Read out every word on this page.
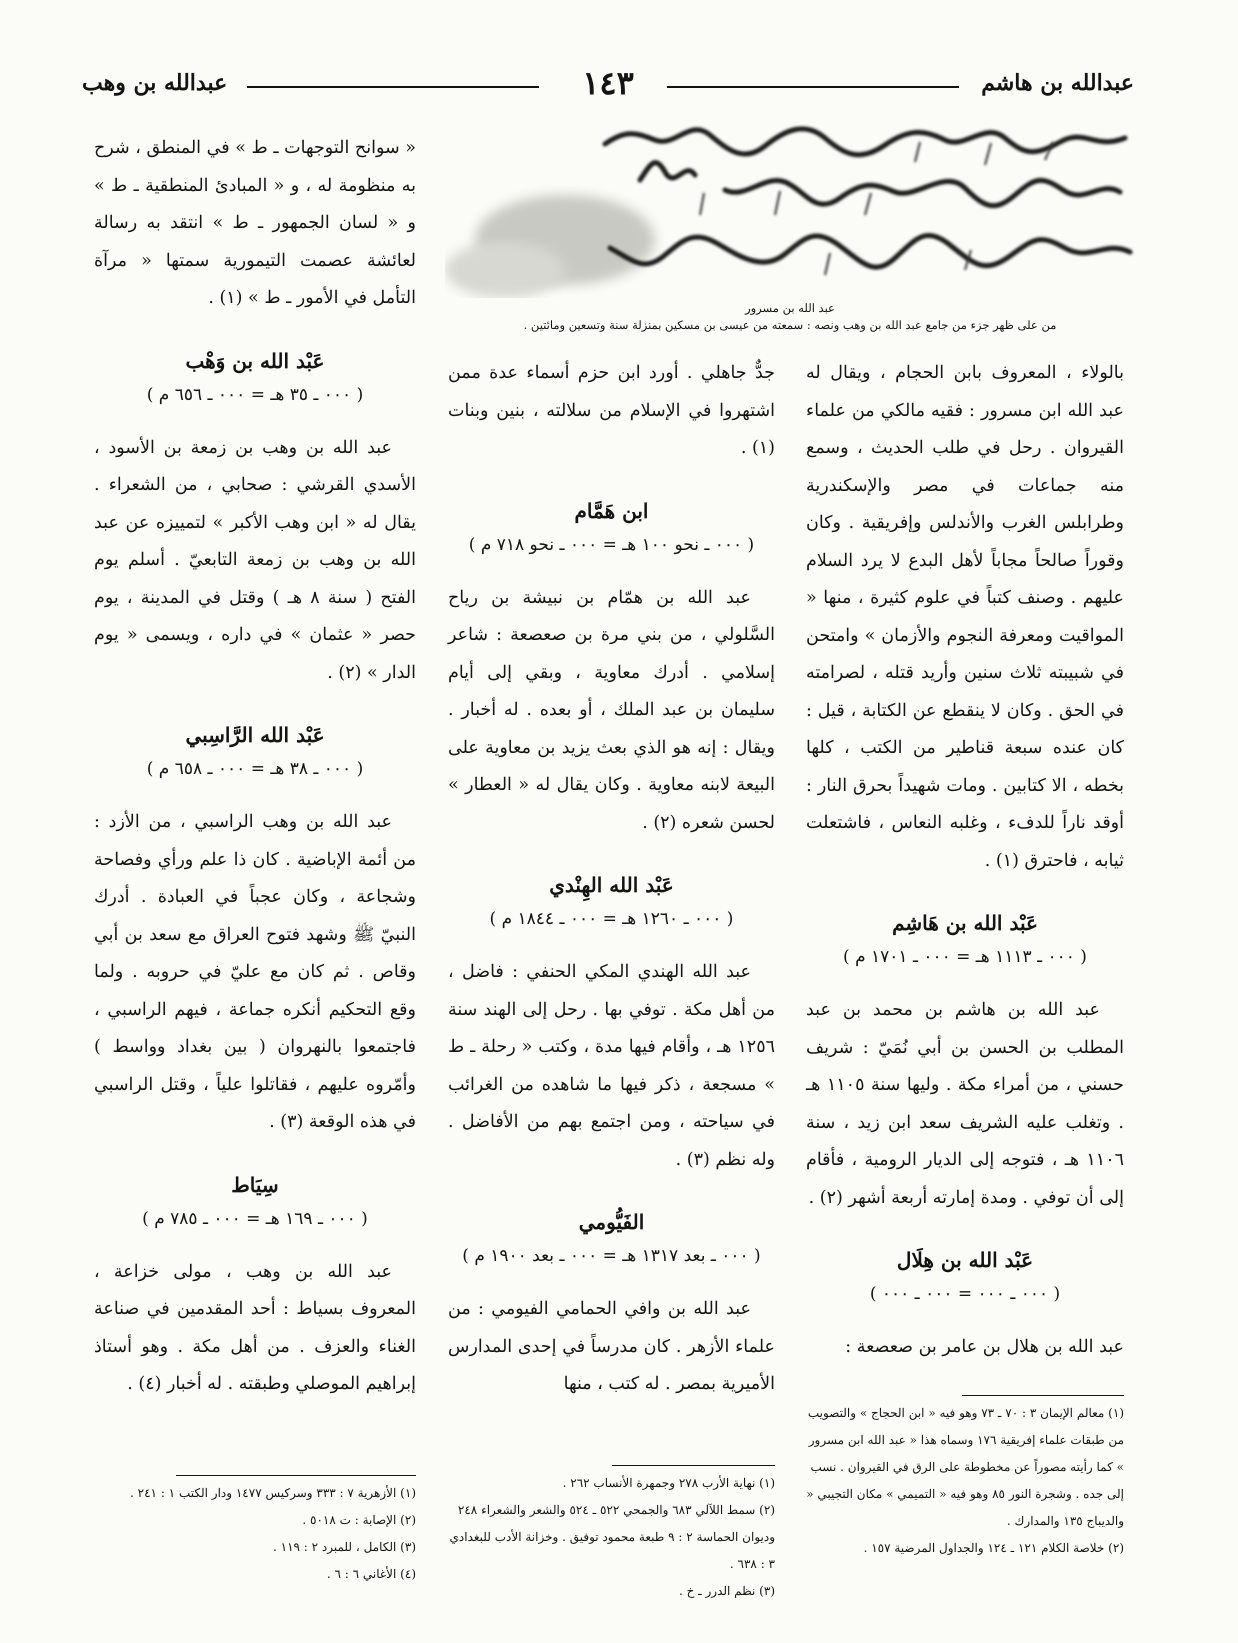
عبدالله بن هاشم
١٤٣
عبدالله بن وهب
عبد الله بن مسرور
من على ظهر جزء من جامع عبد الله بن وهب ونصه : سمعته من عيسى بن مسكين بمنزلة سنة وتسعين ومائتين .

بالولاء ، المعروف بابن الحجام ، ويقال له عبد الله ابن مسرور : فقيه مالكي من علماء القيروان . رحل في طلب الحديث ، وسمع منه جماعات في مصر والإسكندرية وطرابلس الغرب والأندلس وإفريقية . وكان وقوراً صالحاً مجاباً لأهل البدع لا يرد السلام عليهم . وصنف كتباً في علوم كثيرة ، منها « المواقيت ومعرفة النجوم والأزمان » وامتحن في شبيبته ثلاث سنين وأريد قتله ، لصرامته في الحق . وكان لا ينقطع عن الكتابة ، قيل : كان عنده سبعة قناطير من الكتب ، كلها بخطه ، الا كتابين . ومات شهيداً بحرق النار : أوقد ناراً للدفء ، وغلبه النعاس ، فاشتعلت ثيابه ، فاحترق (١) .

عَبْد الله بن هَاشِم
( ٠٠٠ ـ ١١١٣ هـ = ٠٠٠ ـ ١٧٠١ م )

عبد الله بن هاشم بن محمد بن عبد المطلب بن الحسن بن أبي نُمَيّ : شريف حسني ، من أمراء مكة . وليها سنة ١١٠٥ هـ . وتغلب عليه الشريف سعد ابن زيد ، سنة ١١٠٦ هـ ، فتوجه إلى الديار الرومية ، فأقام إلى أن توفي . ومدة إمارته أربعة أشهر (٢) .

عَبْد الله بن هِلَال
( ٠٠٠ ـ ٠٠٠ = ٠٠٠ ـ ٠٠٠ )

عبد الله بن هلال بن عامر بن صعصعة :

جدٌّ جاهلي . أورد ابن حزم أسماء عدة ممن اشتهروا في الإسلام من سلالته ، بنين وبنات (١) .

ابن هَمَّام
( ٠٠٠ ـ نحو ١٠٠ هـ = ٠٠٠ ـ نحو ٧١٨ م )

عبد الله بن همّام بن نبيشة بن رياح السَّلولي ، من بني مرة بن صعصعة : شاعر إسلامي . أدرك معاوية ، وبقي إلى أيام سليمان بن عبد الملك ، أو بعده . له أخبار . ويقال : إنه هو الذي بعث يزيد بن معاوية على البيعة لابنه معاوية . وكان يقال له « العطار » لحسن شعره (٢) .

عَبْد الله الهِنْدي
( ٠٠٠ ـ ١٢٦٠ هـ = ٠٠٠ ـ ١٨٤٤ م )

عبد الله الهندي المكي الحنفي : فاضل ، من أهل مكة . توفي بها . رحل إلى الهند سنة ١٢٥٦ هـ ، وأقام فيها مدة ، وكتب « رحلة ـ ط » مسجعة ، ذكر فيها ما شاهده من الغرائب في سياحته ، ومن اجتمع بهم من الأفاضل . وله نظم (٣) .

الفَيُّومي
( ٠٠٠ ـ بعد ١٣١٧ هـ = ٠٠٠ ـ بعد ١٩٠٠ م )

عبد الله بن وافي الحمامي الفيومي : من علماء الأزهر . كان مدرساً في إحدى المدارس الأميرية بمصر . له كتب ، منها

« سوانح التوجهات ـ ط » في المنطق ، شرح به منظومة له ، و « المبادئ المنطقية ـ ط » و « لسان الجمهور ـ ط » انتقد به رسالة لعائشة عصمت التيمورية سمتها « مرآة التأمل في الأمور ـ ط » (١) .

عَبْد الله بن وَهْب
( ٠٠٠ ـ ٣٥ هـ = ٠٠٠ ـ ٦٥٦ م )

عبد الله بن وهب بن زمعة بن الأسود ، الأسدي القرشي : صحابي ، من الشعراء . يقال له « ابن وهب الأكبر » لتمييزه عن عبد الله بن وهب بن زمعة التابعيّ . أسلم يوم الفتح ( سنة ٨ هـ ) وقتل في المدينة ، يوم حصر « عثمان » في داره ، ويسمى « يوم الدار » (٢) .

عَبْد الله الرَّاسِبي
( ٠٠٠ ـ ٣٨ هـ = ٠٠٠ ـ ٦٥٨ م )

عبد الله بن وهب الراسبي ، من الأزد : من أئمة الإباضية . كان ذا علم ورأي وفصاحة وشجاعة ، وكان عجباً في العبادة . أدرك النبيّ ﷺ وشهد فتوح العراق مع سعد بن أبي وقاص . ثم كان مع عليّ في حروبه . ولما وقع التحكيم أنكره جماعة ، فيهم الراسبي ، فاجتمعوا بالنهروان ( بين بغداد وواسط ) وأمّروه عليهم ، فقاتلوا علياً ، وقتل الراسبي في هذه الوقعة (٣) .

سِيَاط
( ٠٠٠ ـ ١٦٩ هـ = ٠٠٠ ـ ٧٨٥ م )

عبد الله بن وهب ، مولى خزاعة ، المعروف بسياط : أحد المقدمين في صناعة الغناء والعزف . من أهل مكة . وهو أستاذ إبراهيم الموصلي وطبقته . له أخبار (٤) .

(١) معالم الإيمان ٣ : ٧٠ ـ ٧٣ وهو فيه « ابن الحجاج » والتصويب من طبقات علماء إفريقية ١٧٦ وسماه هذا « عبد الله ابن مسرور » كما رأيته مصوراً عن مخطوطة على الرق في القيروان . نسب إلى جده . وشجرة النور ٨٥ وهو فيه « التميمي » مكان التجيبي « والديباج ١٣٥ والمدارك .

(٢) خلاصة الكلام ١٢١ ـ ١٢٤ والجداول المرضية ١٥٧ .

(١) نهاية الأرب ٢٧٨ وجمهرة الأنساب ٢٦٢ .

(٢) سمط اللآلي ٦٨٣ والجمحي ٥٢٢ ـ ٥٢٤ والشعر والشعراء ٢٤٨ وديوان الحماسة ٢ : ٩ طبعة محمود توفيق . وخزانة الأدب للبغدادي ٣ : ٦٣٨ .

(٣) نظم الدرر ـ خ .

(١) الأزهرية ٧ : ٣٣٣ وسركيس ١٤٧٧ ودار الكتب ١ : ٢٤١ .

(٢) الإصابة : ت ٥٠١٨ .

(٣) الكامل ، للمبرد ٢ : ١١٩ .

(٤) الأغاني ٦ : ٦ .
